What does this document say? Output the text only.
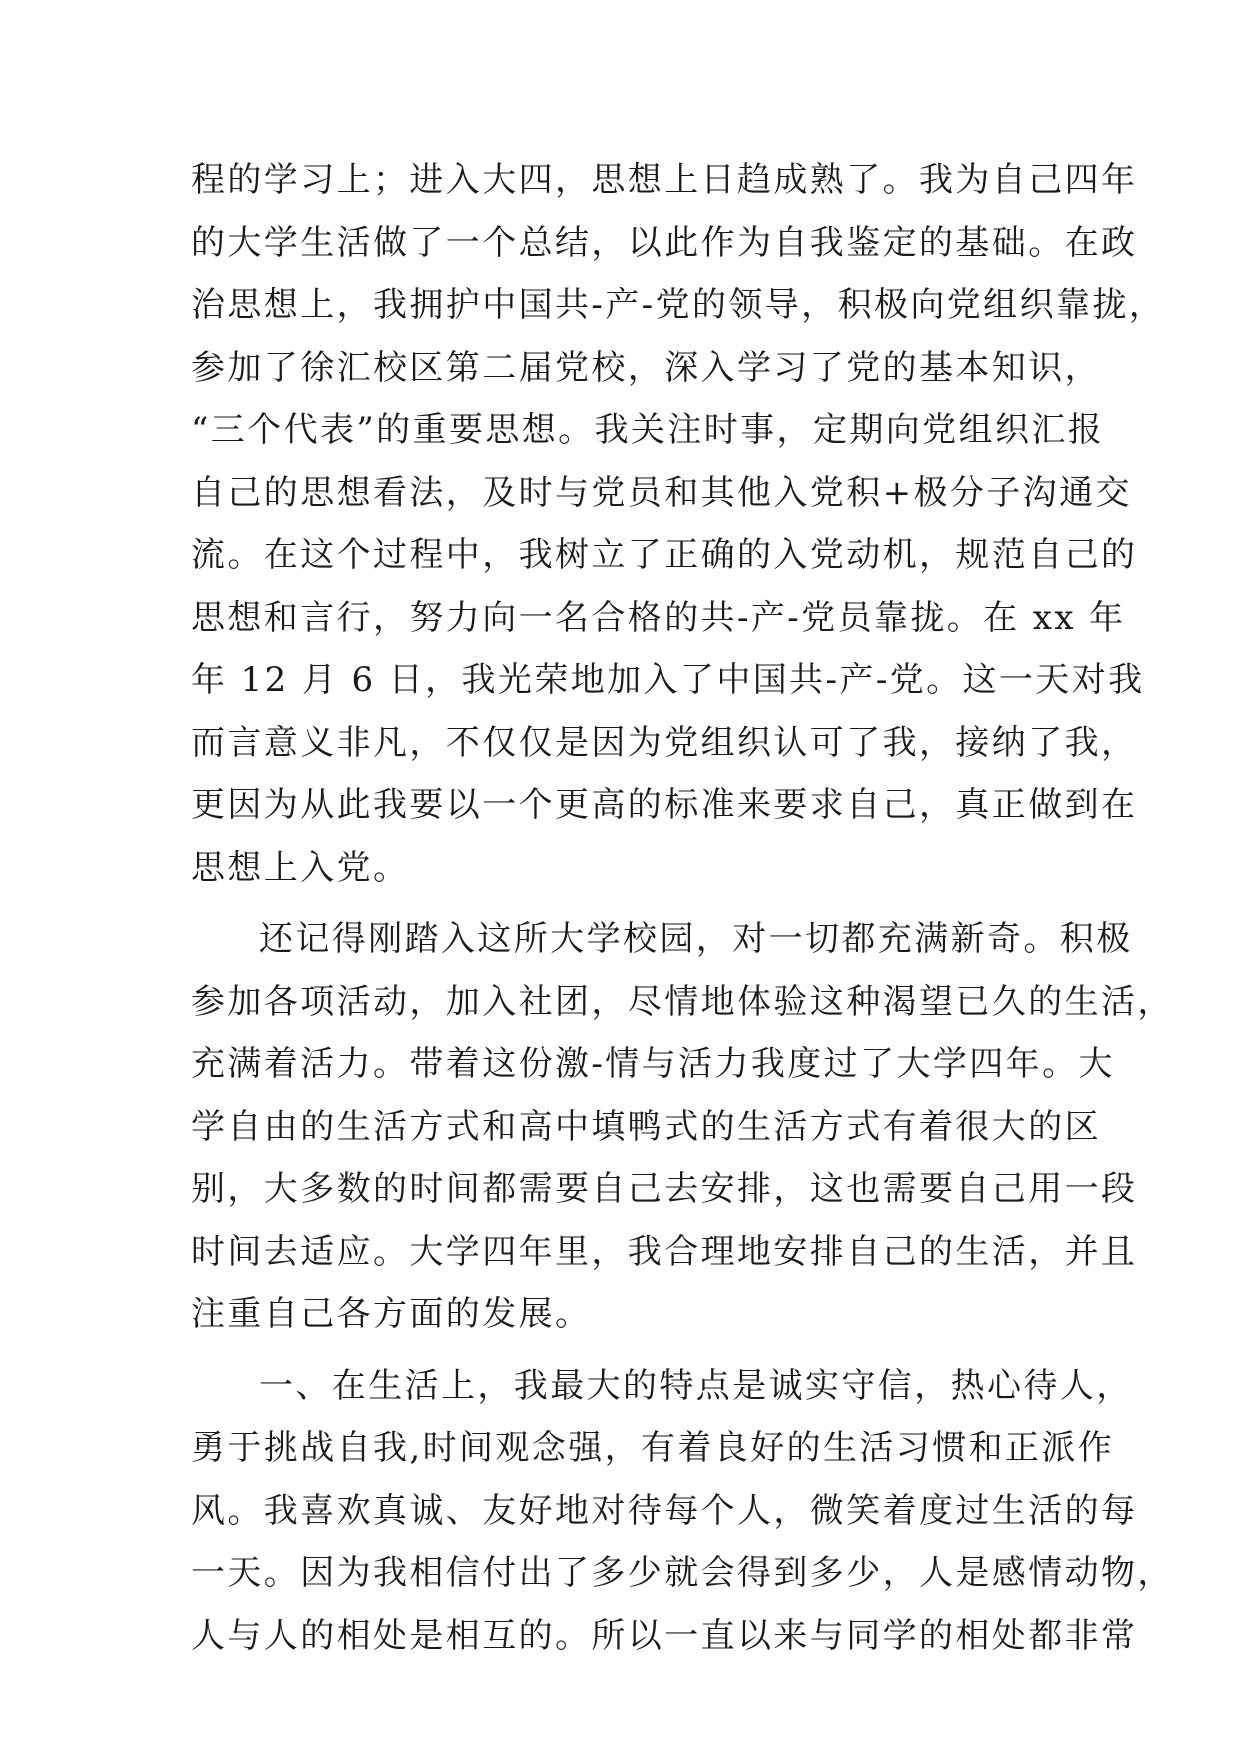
程的学习上；进入大四，思想上日趋成熟了。我为自己四年
的大学生活做了一个总结，以此作为自我鉴定的基础。在政
治思想上，我拥护中国共-产-党的领导，积极向党组织靠拢，
参加了徐汇校区第二届党校，深入学习了党的基本知识，
“三个代表”的重要思想。我关注时事，定期向党组织汇报
自己的思想看法，及时与党员和其他入党积+极分子沟通交
流。在这个过程中，我树立了正确的入党动机，规范自己的
思想和言行，努力向一名合格的共-产-党员靠拢。在 xx 年
年 12 月 6 日，我光荣地加入了中国共-产-党。这一天对我
而言意义非凡，不仅仅是因为党组织认可了我，接纳了我，
更因为从此我要以一个更高的标准来要求自己，真正做到在
思想上入党。
还记得刚踏入这所大学校园，对一切都充满新奇。积极
参加各项活动，加入社团，尽情地体验这种渴望已久的生活，
充满着活力。带着这份激-情与活力我度过了大学四年。大
学自由的生活方式和高中填鸭式的生活方式有着很大的区
别，大多数的时间都需要自己去安排，这也需要自己用一段
时间去适应。大学四年里，我合理地安排自己的生活，并且
注重自己各方面的发展。
一、在生活上，我最大的特点是诚实守信，热心待人，
勇于挑战自我,时间观念强，有着良好的生活习惯和正派作
风。我喜欢真诚、友好地对待每个人，微笑着度过生活的每
一天。因为我相信付出了多少就会得到多少，人是感情动物，
人与人的相处是相互的。所以一直以来与同学的相处都非常
